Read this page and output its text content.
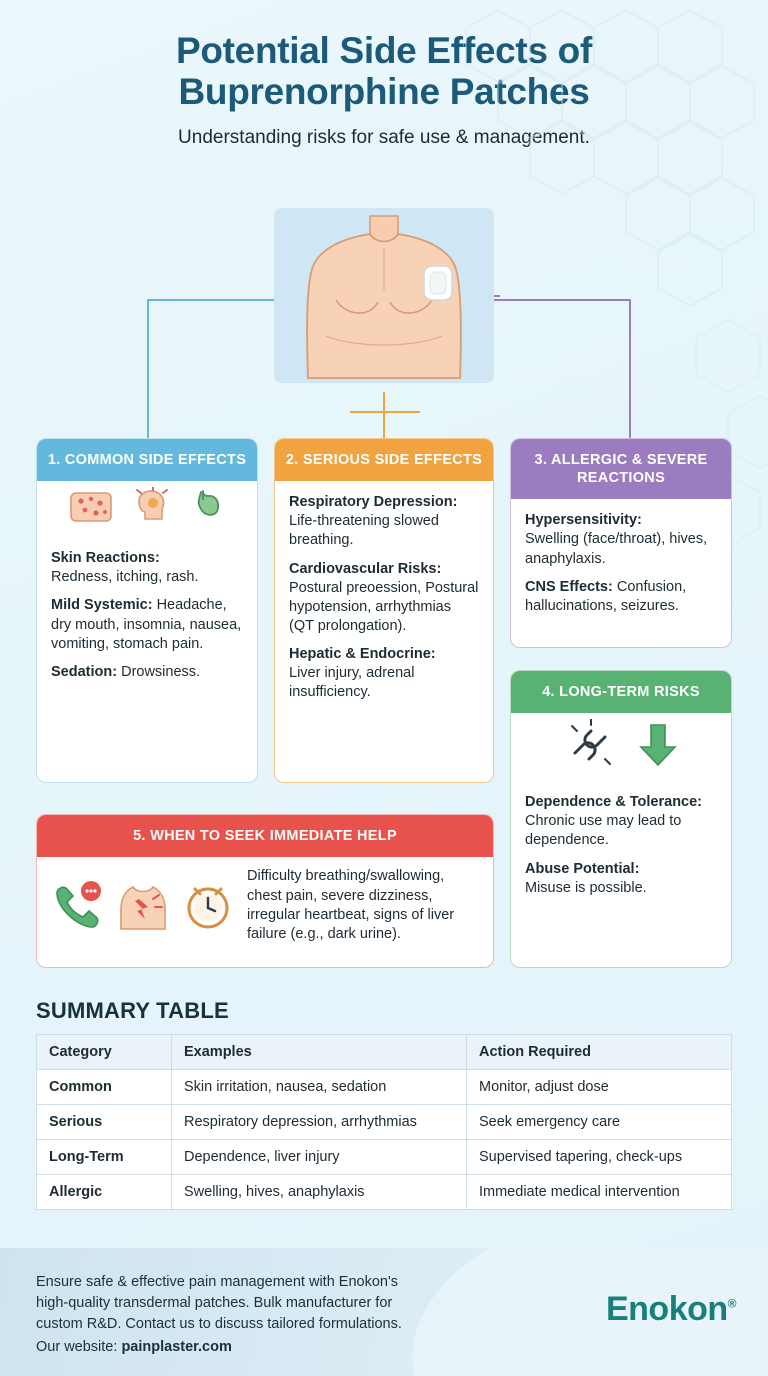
Potential Side Effects of
Buprenorphine Patches
Understanding risks for safe use & management.
1. COMMON SIDE EFFECTS

Skin Reactions:
Redness, itching, rash.

Mild Systemic: Headache, dry mouth, insomnia, nausea, vomiting, stomach pain.

Sedation: Drowsiness.

2. SERIOUS SIDE EFFECTS

Respiratory Depression:
Life-threatening slowed breathing.

Cardiovascular Risks:
Postural preoession, Postural hypotension, arrhythmias (QT prolongation).

Hepatic & Endocrine:
Liver injury, adrenal insufficiency.

3. ALLERGIC & SEVERE REACTIONS

Hypersensitivity:
Swelling (face/throat), hives, anaphylaxis.

CNS Effects: Confusion, hallucinations, seizures.

4. LONG-TERM RISKS

Dependence & Tolerance:
Chronic use may lead to dependence.

Abuse Potential:
Misuse is possible.

5. WHEN TO SEEK IMMEDIATE HELP
Difficulty breathing/swallowing, chest pain, severe dizziness, irregular heartbeat, signs of liver failure (e.g., dark urine).
SUMMARY TABLE
Category	Examples	Action Required
Common	Skin irritation, nausea, sedation	Monitor, adjust dose
Serious	Respiratory depression, arrhythmias	Seek emergency care
Long-Term	Dependence, liver injury	Supervised tapering, check-ups
Allergic	Swelling, hives, anaphylaxis	Immediate medical intervention
Ensure safe & effective pain management with Enokon's
high-quality transdermal patches. Bulk manufacturer for
custom R&D. Contact us to discuss tailored formulations.
Our website: painplaster.com
Enokon®
